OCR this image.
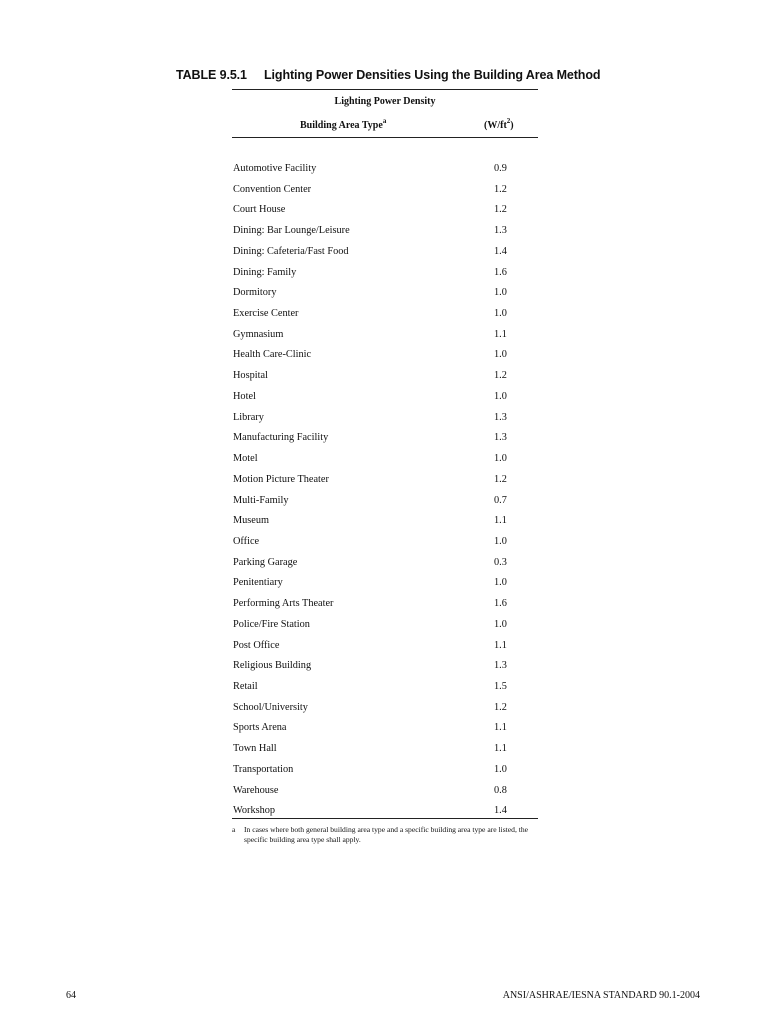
TABLE 9.5.1 Lighting Power Densities Using the Building Area Method
Lighting Power Density
Building Area Type$^a$	$(W/ft^2)$
Automotive Facility	0.9
Convention Center	1.2
Court House	1.2
Dining: Bar Lounge/Leisure	1.3
Dining: Cafeteria/Fast Food	1.4
Dining: Family	1.6
Dormitory	1.0
Exercise Center	1.0
Gymnasium	1.1
Health Care-Clinic	1.0
Hospital	1.2
Hotel	1.0
Library	1.3
Manufacturing Facility	1.3
Motel	1.0
Motion Picture Theater	1.2
Multi-Family	0.7
Museum	1.1
Office	1.0
Parking Garage	0.3
Penitentiary	1.0
Performing Arts Theater	1.6
Police/Fire Station	1.0
Post Office	1.1
Religious Building	1.3
Retail	1.5
School/University	1.2
Sports Arena	1.1
Town Hall	1.1
Transportation	1.0
Warehouse	0.8
Workshop	1.4
a In cases where both general building area type and a specific building area type are listed, the specific building area type shall apply.
64	ANSI/ASHRAE/IESNA STANDARD 90.1-2004
